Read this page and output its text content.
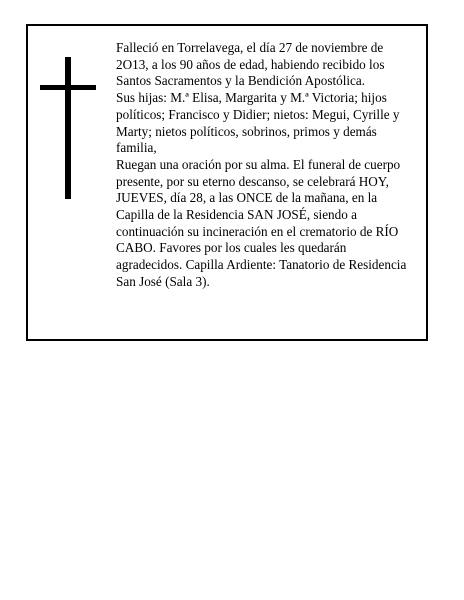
Falleció en Torrelavega, el día 27 de noviembre de
2O13, a los 90 años de edad, habiendo recibido los
Santos Sacramentos y la Bendición Apostólica.
Sus hijas: M.ª Elisa, Margarita y M.ª Victoria; hijos
políticos; Francisco y Didier; nietos: Megui, Cyrille y
Marty; nietos políticos, sobrinos, primos y demás
familia,
Ruegan una oración por su alma. El funeral de cuerpo
presente, por su eterno descanso, se celebrará HOY,
JUEVES, día 28, a las ONCE de la mañana, en la
Capilla de la Residencia SAN JOSÉ, siendo a
continuación su incineración en el crematorio de RÍO
CABO. Favores por los cuales les quedarán
agradecidos. Capilla Ardiente: Tanatorio de Residencia
San José (Sala 3).
